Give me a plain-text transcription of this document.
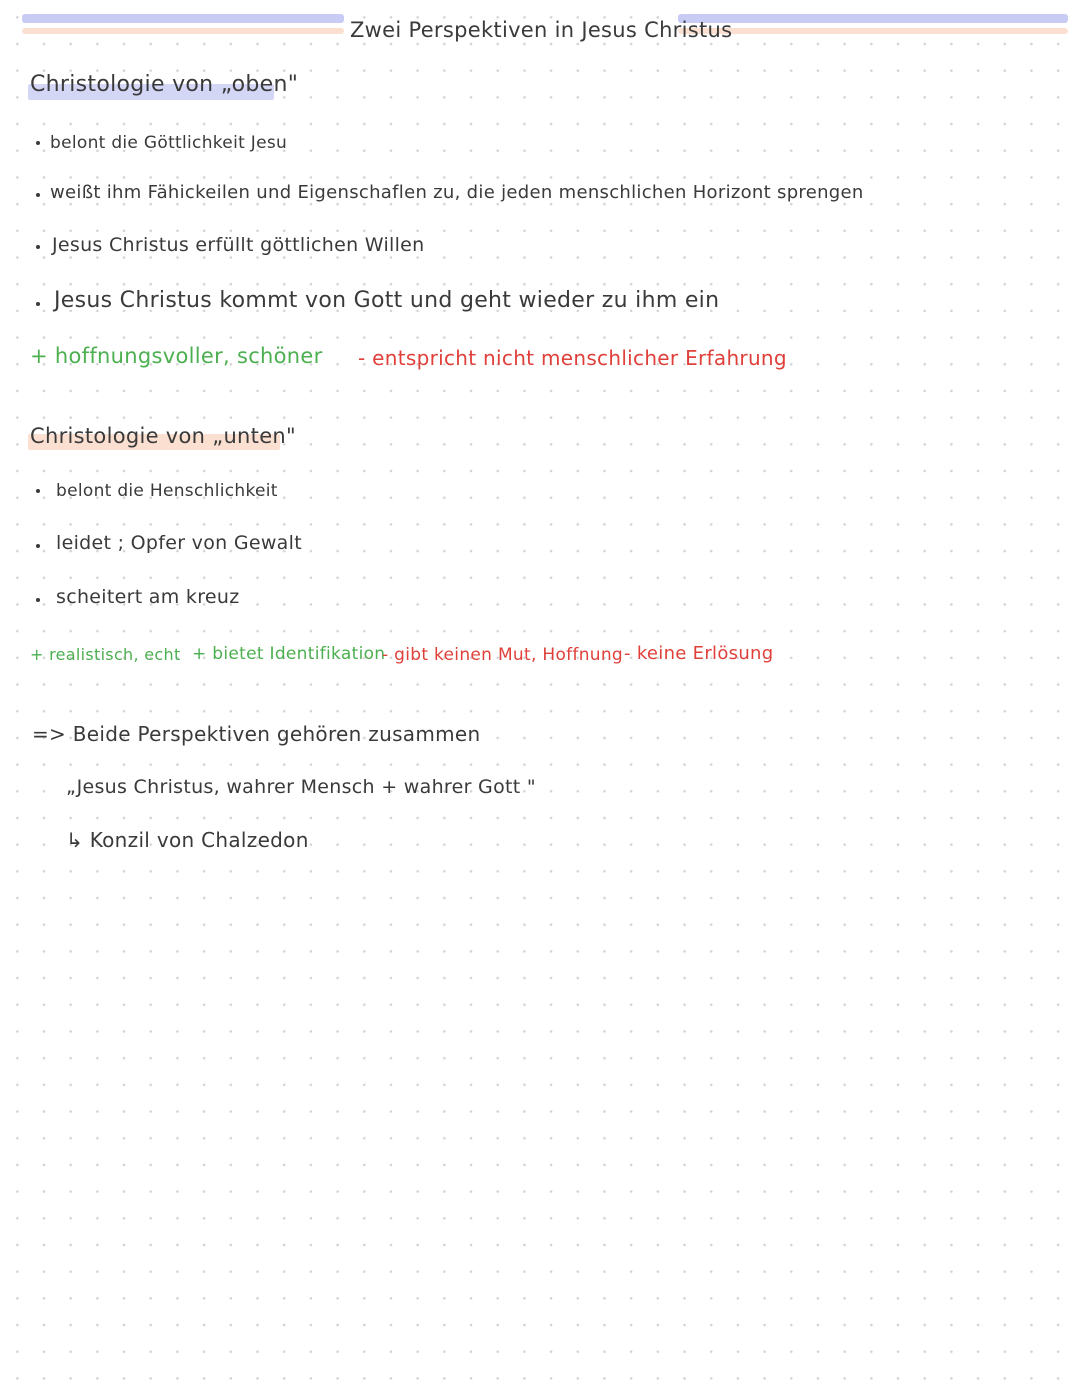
Zwei Perspektiven in Jesus Christus
Christologie von „oben"
belont die Göttlichkeit Jesu
weißt ihm Fähickeilen und Eigenschaflen zu, die jeden menschlichen Horizont sprengen
Jesus Christus erfüllt göttlichen Willen
Jesus Christus kommt von Gott und geht wieder zu ihm ein
+ hoffnungsvoller, schöner - entspricht nicht menschlicher Erfahrung
Christologie von „unten"
belont die Henschlichkeit
leidet ; Opfer von Gewalt
scheitert am kreuz
+ realistisch, echt + bietet Identifikation
- gibt keinen Mut, Hoffnung - keine Erlösung
=> Beide Perspektiven gehören zusammen
„Jesus Christus, wahrer Mensch + wahrer Gott "
↳ Konzil von Chalzedon
